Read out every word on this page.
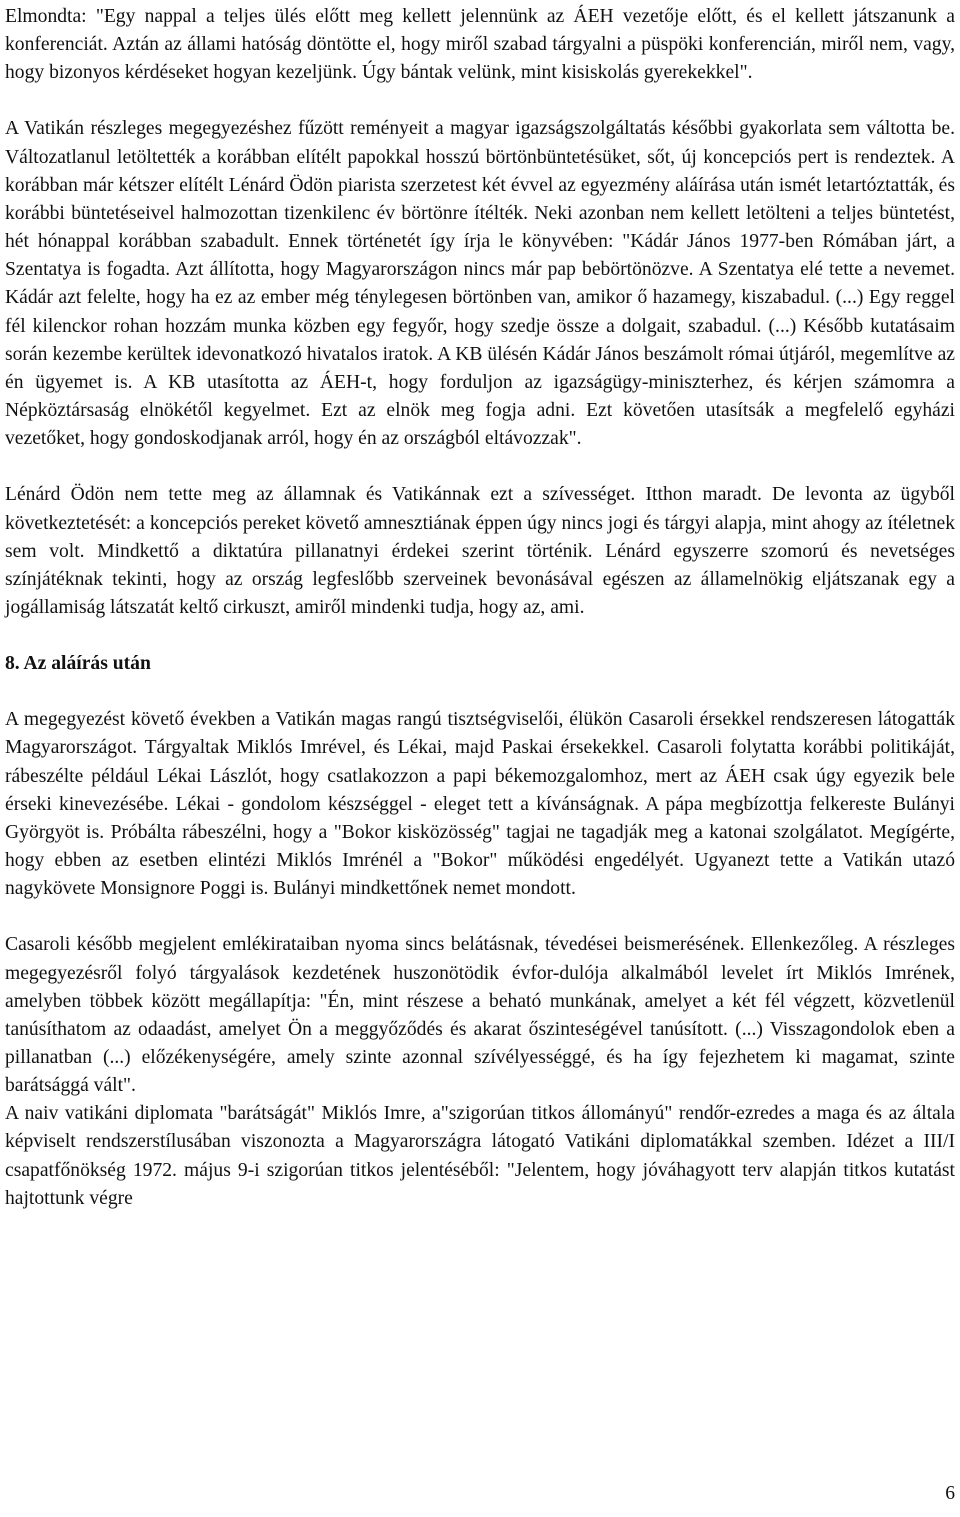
Elmondta: "Egy nappal a teljes ülés előtt meg kellett jelennünk az ÁEH vezetője előtt, és el kellett játszanunk a konferenciát. Aztán az állami hatóság döntötte el, hogy miről szabad tárgyalni a püspöki konferencián, miről nem, vagy, hogy bizonyos kérdéseket hogyan kezeljünk. Úgy bántak velünk, mint kisiskolás gyerekekkel".

A Vatikán részleges megegyezéshez fűzött reményeit a magyar igazságszolgáltatás későbbi gyakorlata sem váltotta be. Változatlanul letöltették a korábban elítélt papokkal hosszú börtönbüntetésüket, sőt, új koncepciós pert is rendeztek. A korábban már kétszer elítélt Lénárd Ödön piarista szerzetest két évvel az egyezmény aláírása után ismét letartóztatták, és korábbi büntetéseivel halmozottan tizenkilenc év börtönre ítélték. Neki azonban nem kellett letölteni a teljes büntetést, hét hónappal korábban szabadult. Ennek történetét így írja le könyvében: "Kádár János 1977-ben Rómában járt, a Szentatya is fogadta. Azt állította, hogy Magyarországon nincs már pap bebörtönözve. A Szentatya elé tette a nevemet. Kádár azt felelte, hogy ha ez az ember még ténylegesen börtönben van, amikor ő hazamegy, kiszabadul. (...) Egy reggel fél kilenckor rohan hozzám munka közben egy fegyőr, hogy szedje össze a dolgait, szabadul. (...) Később kutatásaim során kezembe kerültek idevonatkozó hivatalos iratok. A KB ülésén Kádár János beszámolt római útjáról, megemlítve az én ügyemet is. A KB utasította az ÁEH-t, hogy forduljon az igazságügy-miniszterhez, és kérjen számomra a Népköztársaság elnökétől kegyelmet. Ezt az elnök meg fogja adni. Ezt követően utasítsák a megfelelő egyházi vezetőket, hogy gondoskodjanak arról, hogy én az országból eltávozzak".

Lénárd Ödön nem tette meg az államnak és Vatikánnak ezt a szívességet. Itthon maradt. De levonta az ügyből következtetését: a koncepciós pereket követő amnesztiának éppen úgy nincs jogi és tárgyi alapja, mint ahogy az ítéletnek sem volt. Mindkettő a diktatúra pillanatnyi érdekei szerint történik. Lénárd egyszerre szomorú és nevetséges színjátéknak tekinti, hogy az ország legfeslőbb szerveinek bevonásával egészen az államelnökig eljátszanak egy a jogállamiság látszatát keltő cirkuszt, amiről mindenki tudja, hogy az, ami.

8. Az aláírás után

A megegyezést követő években a Vatikán magas rangú tisztségviselői, élükön Casaroli érsekkel rendszeresen látogatták Magyarországot. Tárgyaltak Miklós Imrével, és Lékai, majd Paskai érsekekkel. Casaroli folytatta korábbi politikáját, rábeszélte például Lékai Lászlót, hogy csatlakozzon a papi békemozgalomhoz, mert az ÁEH csak úgy egyezik bele érseki kinevezésébe. Lékai - gondolom készséggel - eleget tett a kívánságnak. A pápa megbízottja felkereste Bulányi Györgyöt is. Próbálta rábeszélni, hogy a "Bokor kisközösség" tagjai ne tagadják meg a katonai szolgálatot. Megígérte, hogy ebben az esetben elintézi Miklós Imrénél a "Bokor" működési engedélyét. Ugyanezt tette a Vatikán utazó nagykövete Monsignore Poggi is. Bulányi mindkettőnek nemet mondott.

Casaroli később megjelent emlékirataiban nyoma sincs belátásnak, tévedései beismerésének. Ellenkezőleg. A részleges megegyezésről folyó tárgyalások kezdetének huszonötödik évfor-dulója alkalmából levelet írt Miklós Imrének, amelyben többek között megállapítja: "Én, mint részese a beható munkának, amelyet a két fél végzett, közvetlenül tanúsíthatom az odaadást, amelyet Ön a meggyőződés és akarat őszinteségével tanúsított. (...) Visszagondolok eben a pillanatban (...) előzékenységére, amely szinte azonnal szívélyességgé, és ha így fejezhetem ki magamat, szinte barátsággá vált".

A naiv vatikáni diplomata "barátságát" Miklós Imre, a"szigorúan titkos állományú" rendőr-ezredes a maga és az általa képviselt rendszerstílusában viszonozta a Magyarországra látogató Vatikáni diplomatákkal szemben. Idézet a III/I csapatfőnökség 1972. május 9-i szigorúan titkos jelentéséből: "Jelentem, hogy jóváhagyott terv alapján titkos kutatást hajtottunk végre

6
